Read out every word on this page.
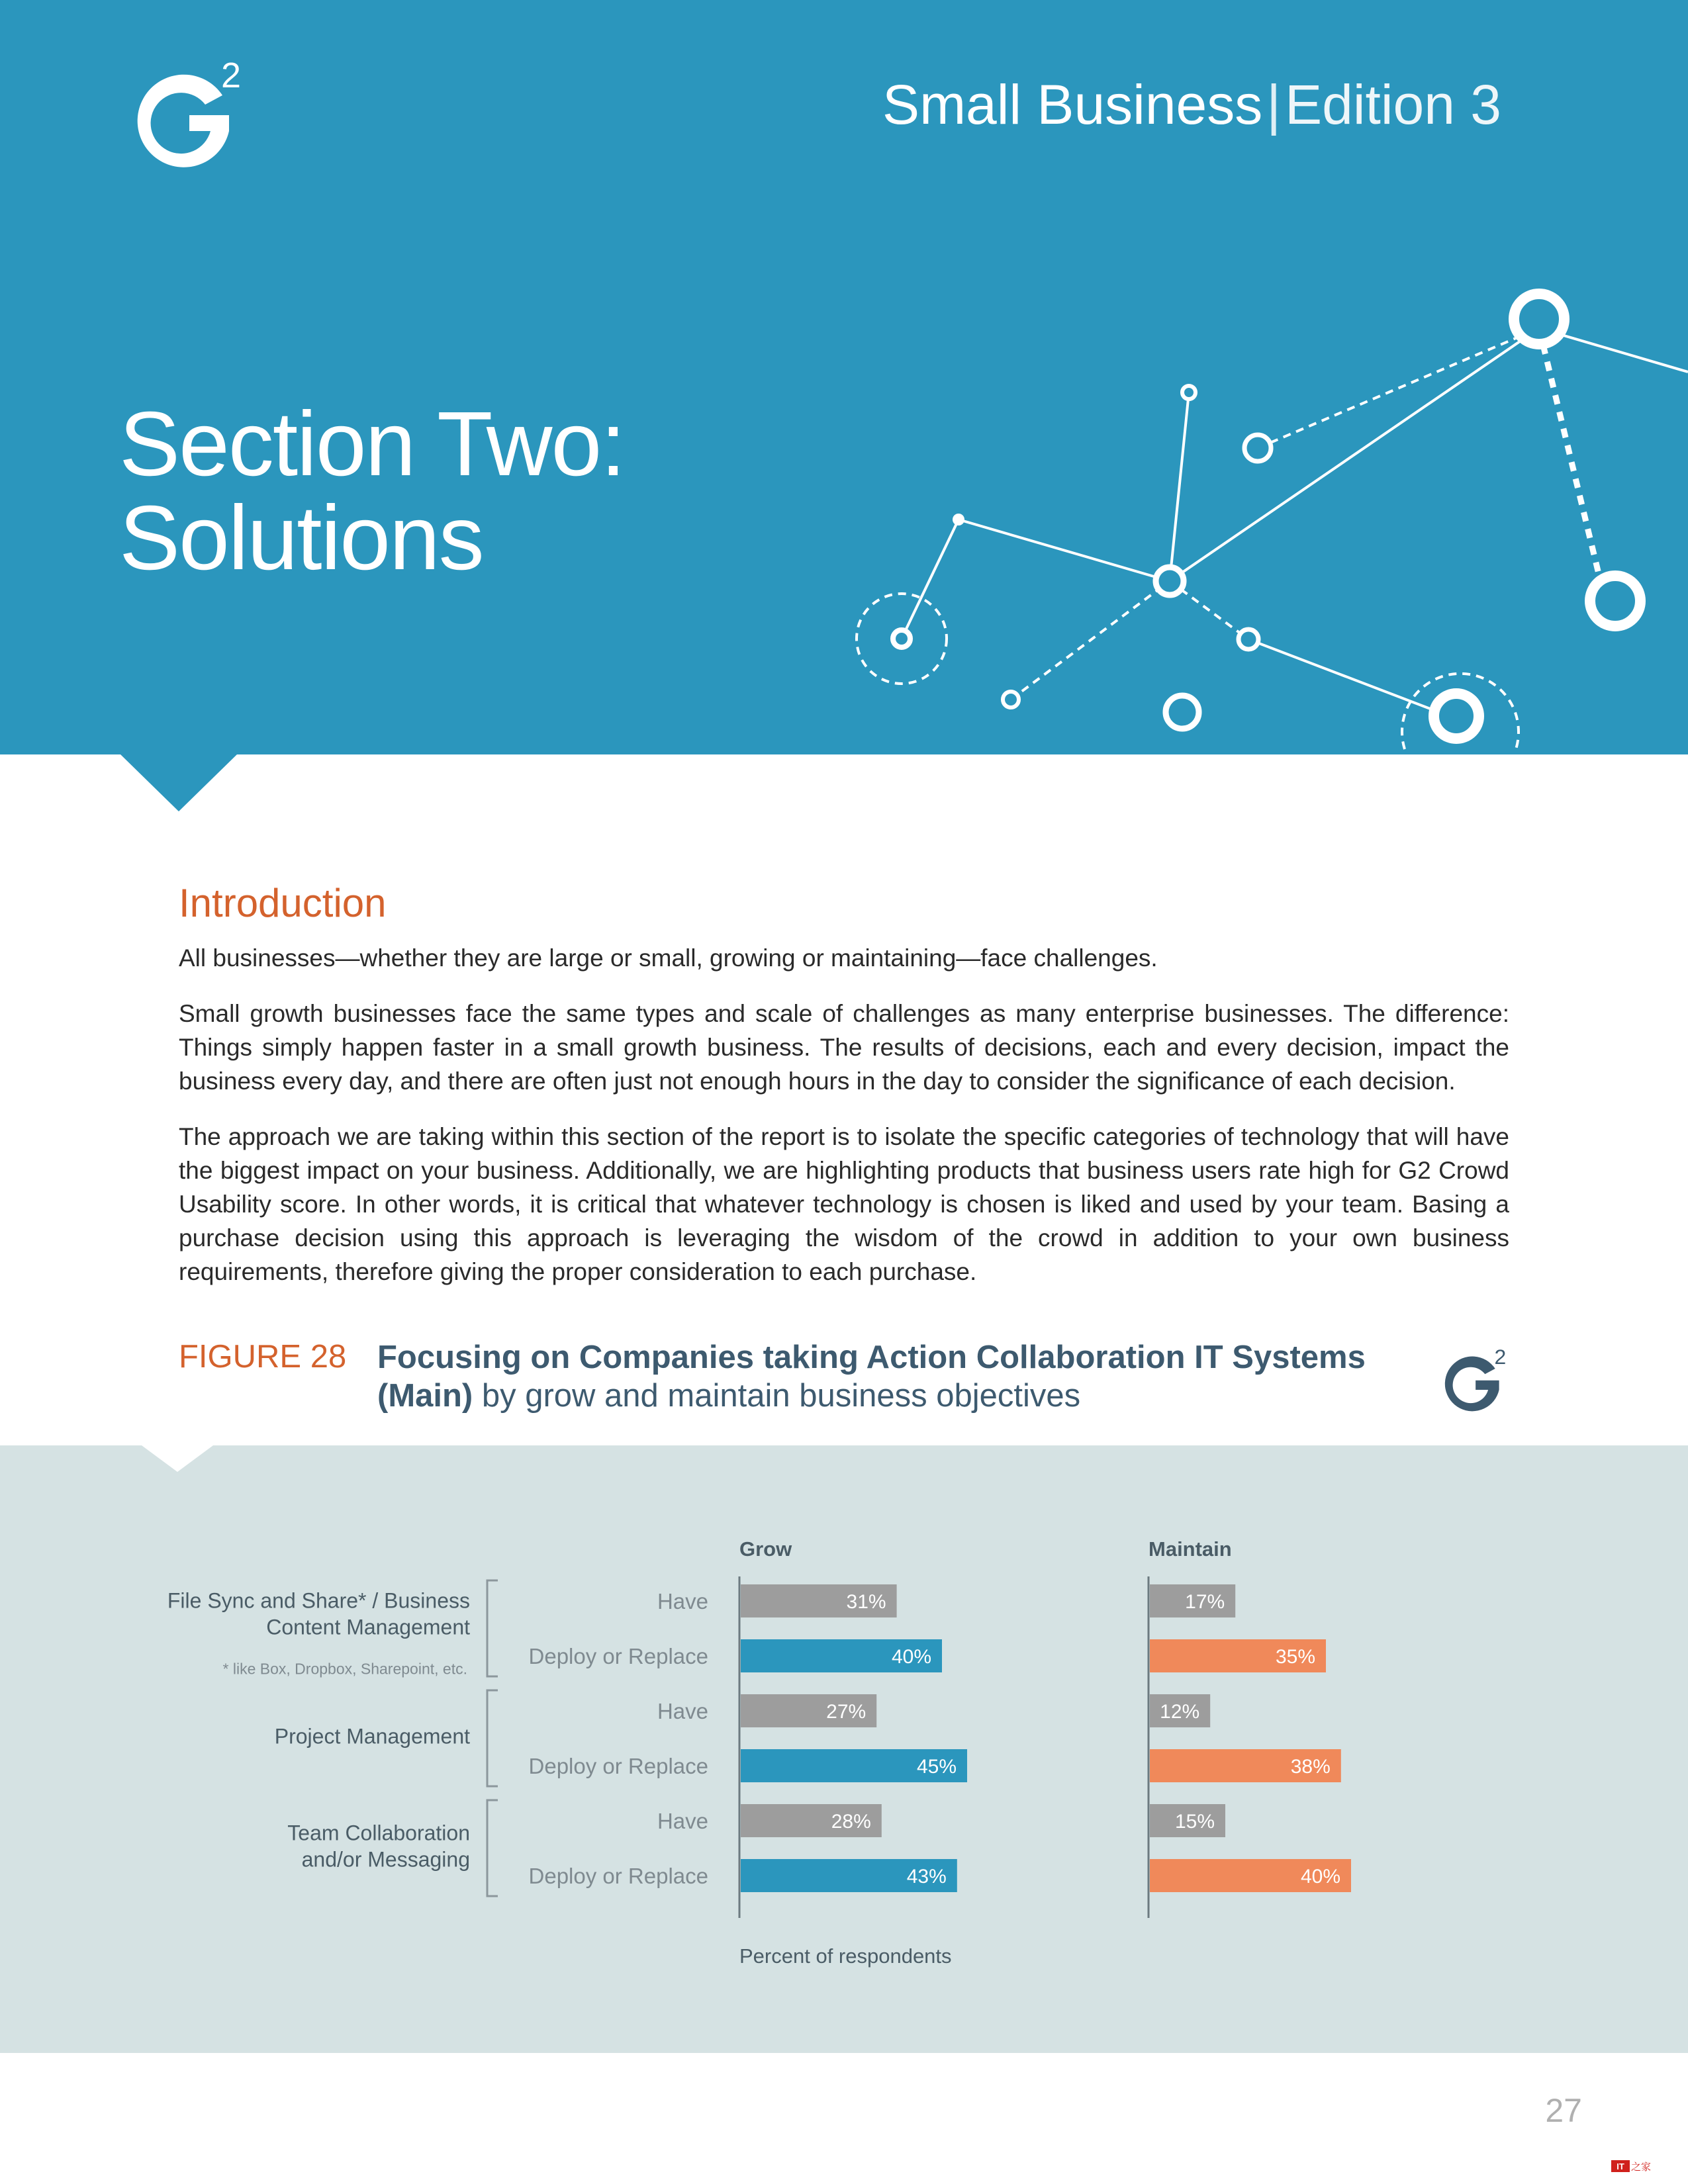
2	Small Business|Edition 3
Section Two:
Solutions
Introduction

All businesses—whether they are large or small, growing or maintaining—face challenges.

Small growth businesses face the same types and scale of challenges as many enterprise businesses. The difference: Things simply happen faster in a small growth business. The results of decisions, each and every decision, impact the business every day, and there are often just not enough hours in the day to consider the significance of each decision.

The approach we are taking within this section of the report is to isolate the specific categories of technology that will have the biggest impact on your business. Additionally, we are highlighting products that business users rate high for G2 Crowd Usability score. In other words, it is critical that whatever technology is chosen is liked and used by your team. Basing a purchase decision using this approach is leveraging the wisdom of the crowd in addition to your own business requirements, therefore giving the proper consideration to each purchase.

FIGURE 28 Focusing on Companies taking Action Collaboration IT Systems (Main) by grow and maintain business objectives
2
Grow	Maintain
Have	31%	17%
Deploy or Replace	40%	35%
File Sync and Share* / Business
Content Management
* like Box, Dropbox, Sharepoint, etc.
Have	27%	12%
Deploy or Replace	45%	38%
Project Management
Have	28%	15%
Deploy or Replace	43%	40%
Team Collaboration
and/or Messaging
Percent of respondents
27
IT 之家
